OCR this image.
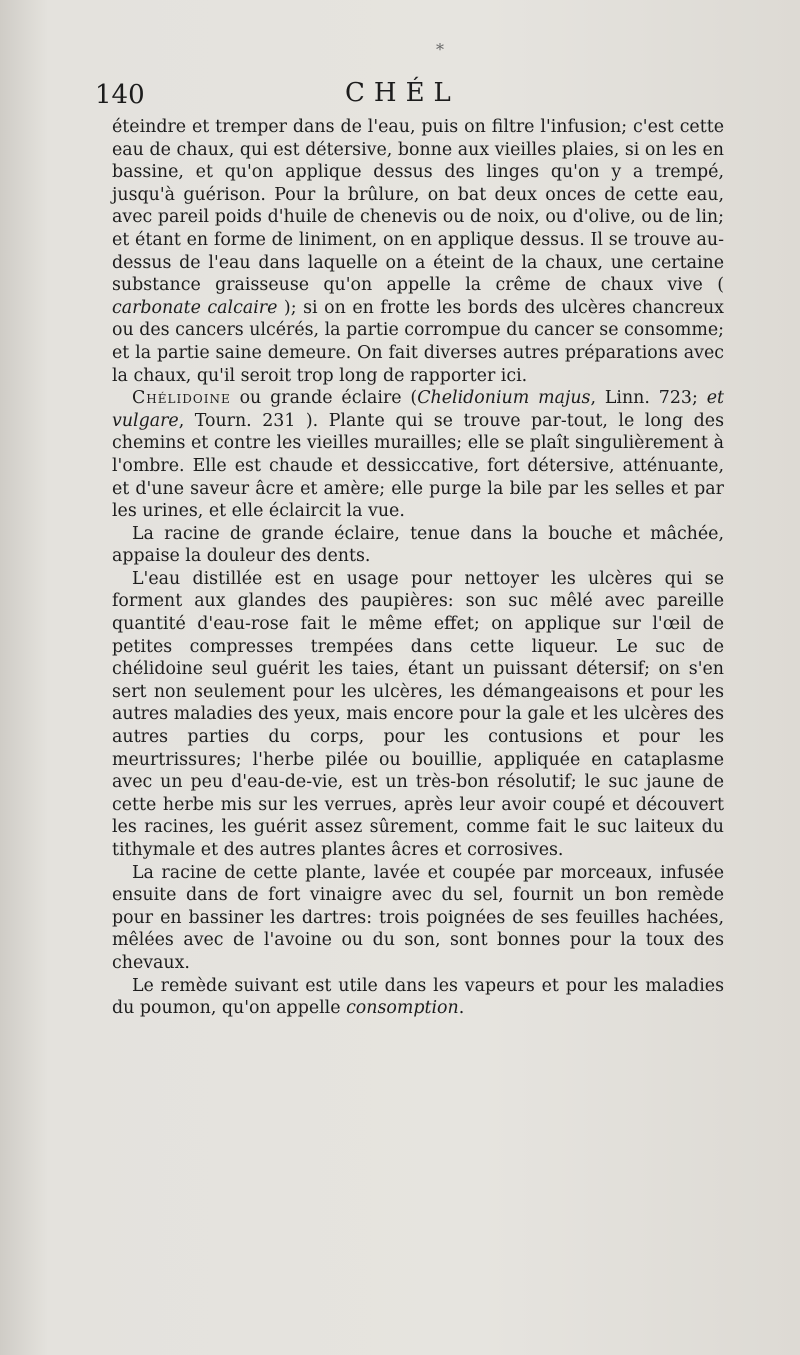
*
140	CHÉL

éteindre et tremper dans de l'eau, puis on filtre l'infusion; c'est cette eau de chaux, qui est détersive, bonne aux vieilles plaies, si on les en bassine, et qu'on applique dessus des linges qu'on y a trempé, jusqu'à guérison. Pour la brûlure, on bat deux onces de cette eau, avec pareil poids d'huile de chenevis ou de noix, ou d'olive, ou de lin; et étant en forme de liniment, on en applique dessus. Il se trouve au-dessus de l'eau dans laquelle on a éteint de la chaux, une certaine substance graisseuse qu'on appelle la crême de chaux vive ( carbonate calcaire ); si on en frotte les bords des ulcères chancreux ou des cancers ulcérés, la partie corrompue du cancer se consomme; et la partie saine demeure. On fait diverses autres préparations avec la chaux, qu'il seroit trop long de rapporter ici.

Chélidoine ou grande éclaire (Chelidonium majus, Linn. 723; et vulgare, Tourn. 231 ). Plante qui se trouve par-tout, le long des chemins et contre les vieilles murailles; elle se plaît singulièrement à l'ombre. Elle est chaude et dessiccative, fort détersive, atténuante, et d'une saveur âcre et amère; elle purge la bile par les selles et par les urines, et elle éclaircit la vue.

La racine de grande éclaire, tenue dans la bouche et mâchée, appaise la douleur des dents.

L'eau distillée est en usage pour nettoyer les ulcères qui se forment aux glandes des paupières: son suc mêlé avec pareille quantité d'eau-rose fait le même effet; on applique sur l'œil de petites compresses trempées dans cette liqueur. Le suc de chélidoine seul guérit les taies, étant un puissant détersif; on s'en sert non seulement pour les ulcères, les démangeaisons et pour les autres maladies des yeux, mais encore pour la gale et les ulcères des autres parties du corps, pour les contusions et pour les meurtrissures; l'herbe pilée ou bouillie, appliquée en cataplasme avec un peu d'eau-de-vie, est un très-bon résolutif; le suc jaune de cette herbe mis sur les verrues, après leur avoir coupé et découvert les racines, les guérit assez sûrement, comme fait le suc laiteux du tithymale et des autres plantes âcres et corrosives.

La racine de cette plante, lavée et coupée par morceaux, infusée ensuite dans de fort vinaigre avec du sel, fournit un bon remède pour en bassiner les dartres: trois poignées de ses feuilles hachées, mêlées avec de l'avoine ou du son, sont bonnes pour la toux des chevaux.

Le remède suivant est utile dans les vapeurs et pour les maladies du poumon, qu'on appelle consomption.
